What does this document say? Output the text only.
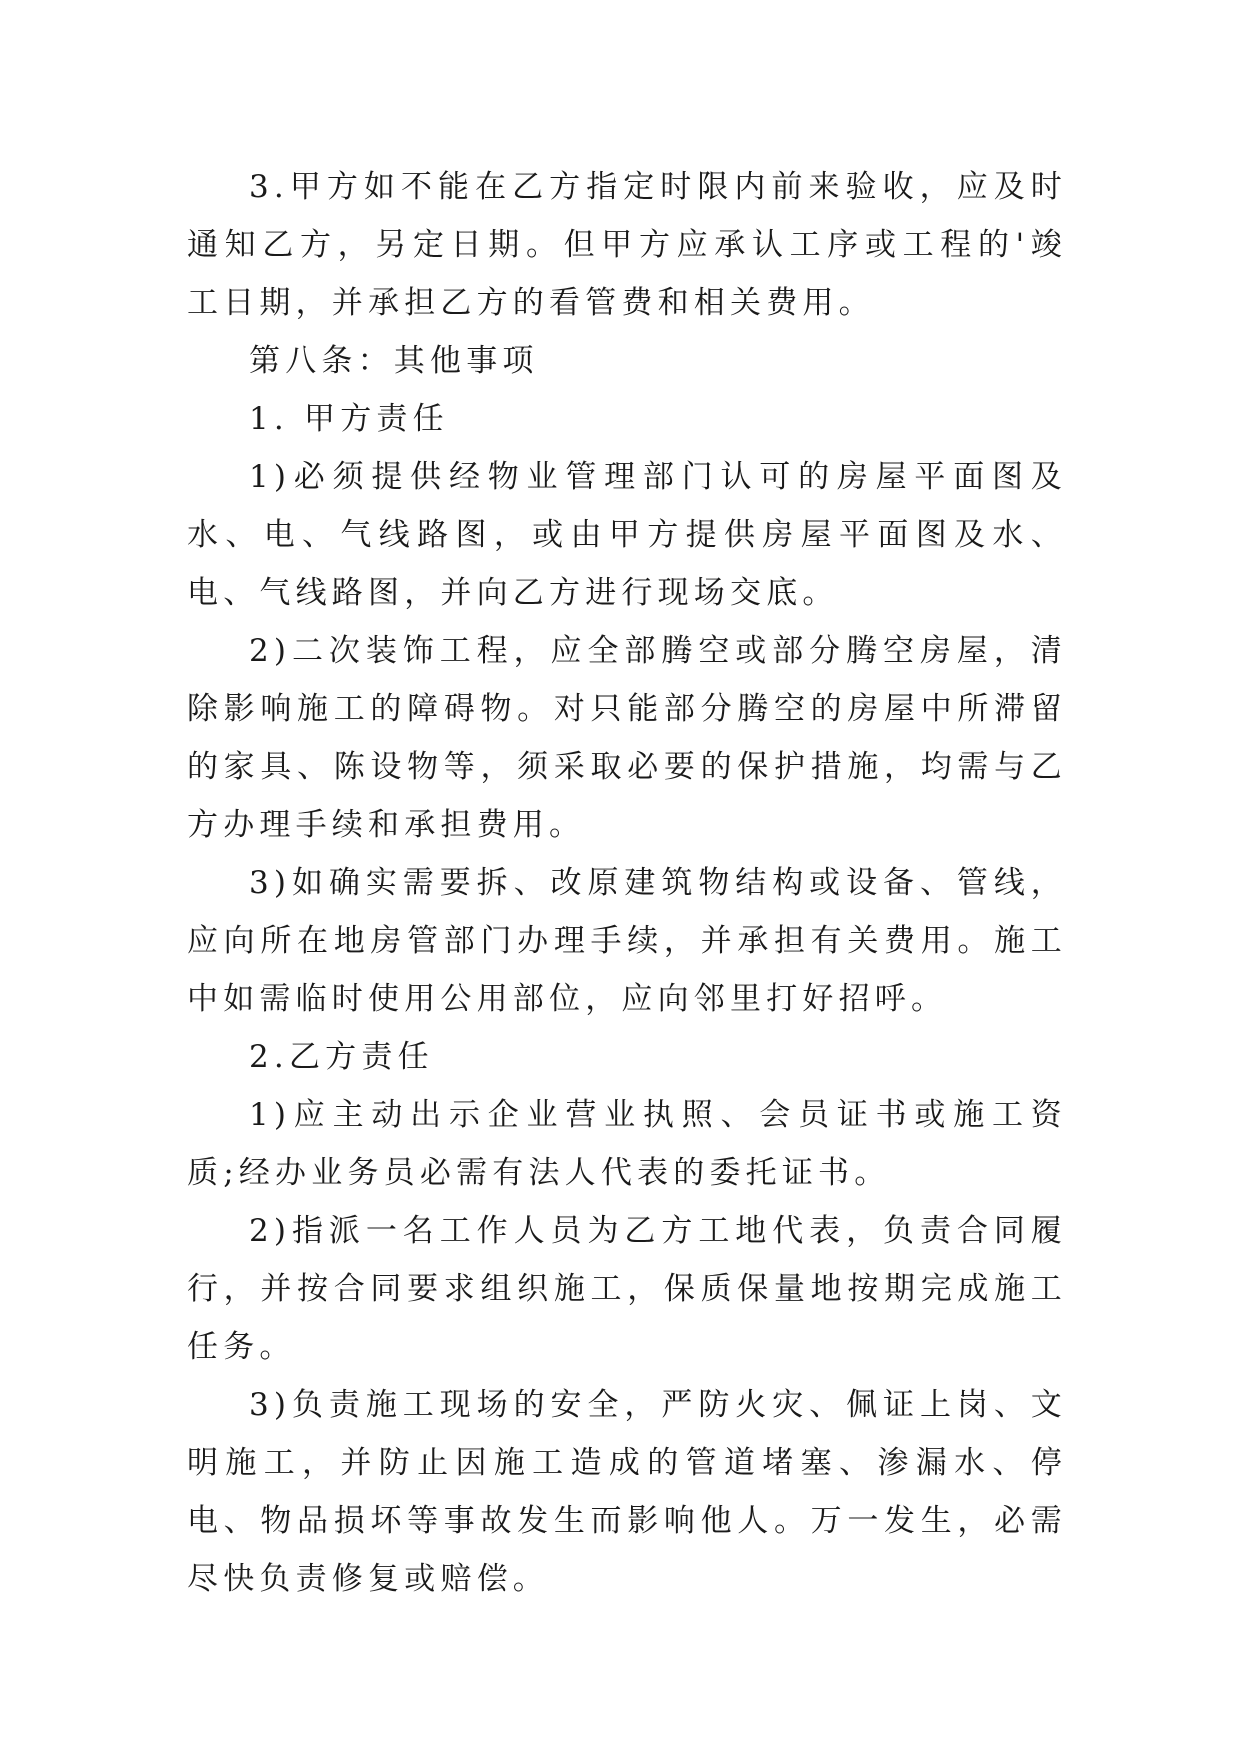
3.甲方如不能在乙方指定时限内前来验收，应及时通知乙方，另定日期。但甲方应承认工序或工程的'竣工日期，并承担乙方的看管费和相关费用。

第八条：其他事项

1. 甲方责任

1)必须提供经物业管理部门认可的房屋平面图及水、电、气线路图，或由甲方提供房屋平面图及水、电、气线路图，并向乙方进行现场交底。

2)二次装饰工程，应全部腾空或部分腾空房屋，清除影响施工的障碍物。对只能部分腾空的房屋中所滞留的家具、陈设物等，须采取必要的保护措施，均需与乙方办理手续和承担费用。

3)如确实需要拆、改原建筑物结构或设备、管线，应向所在地房管部门办理手续，并承担有关费用。施工中如需临时使用公用部位，应向邻里打好招呼。

2.乙方责任

1)应主动出示企业营业执照、会员证书或施工资质;经办业务员必需有法人代表的委托证书。

2)指派一名工作人员为乙方工地代表，负责合同履行，并按合同要求组织施工，保质保量地按期完成施工任务。

3)负责施工现场的安全，严防火灾、佩证上岗、文明施工，并防止因施工造成的管道堵塞、渗漏水、停电、物品损坏等事故发生而影响他人。万一发生，必需尽快负责修复或赔偿。
